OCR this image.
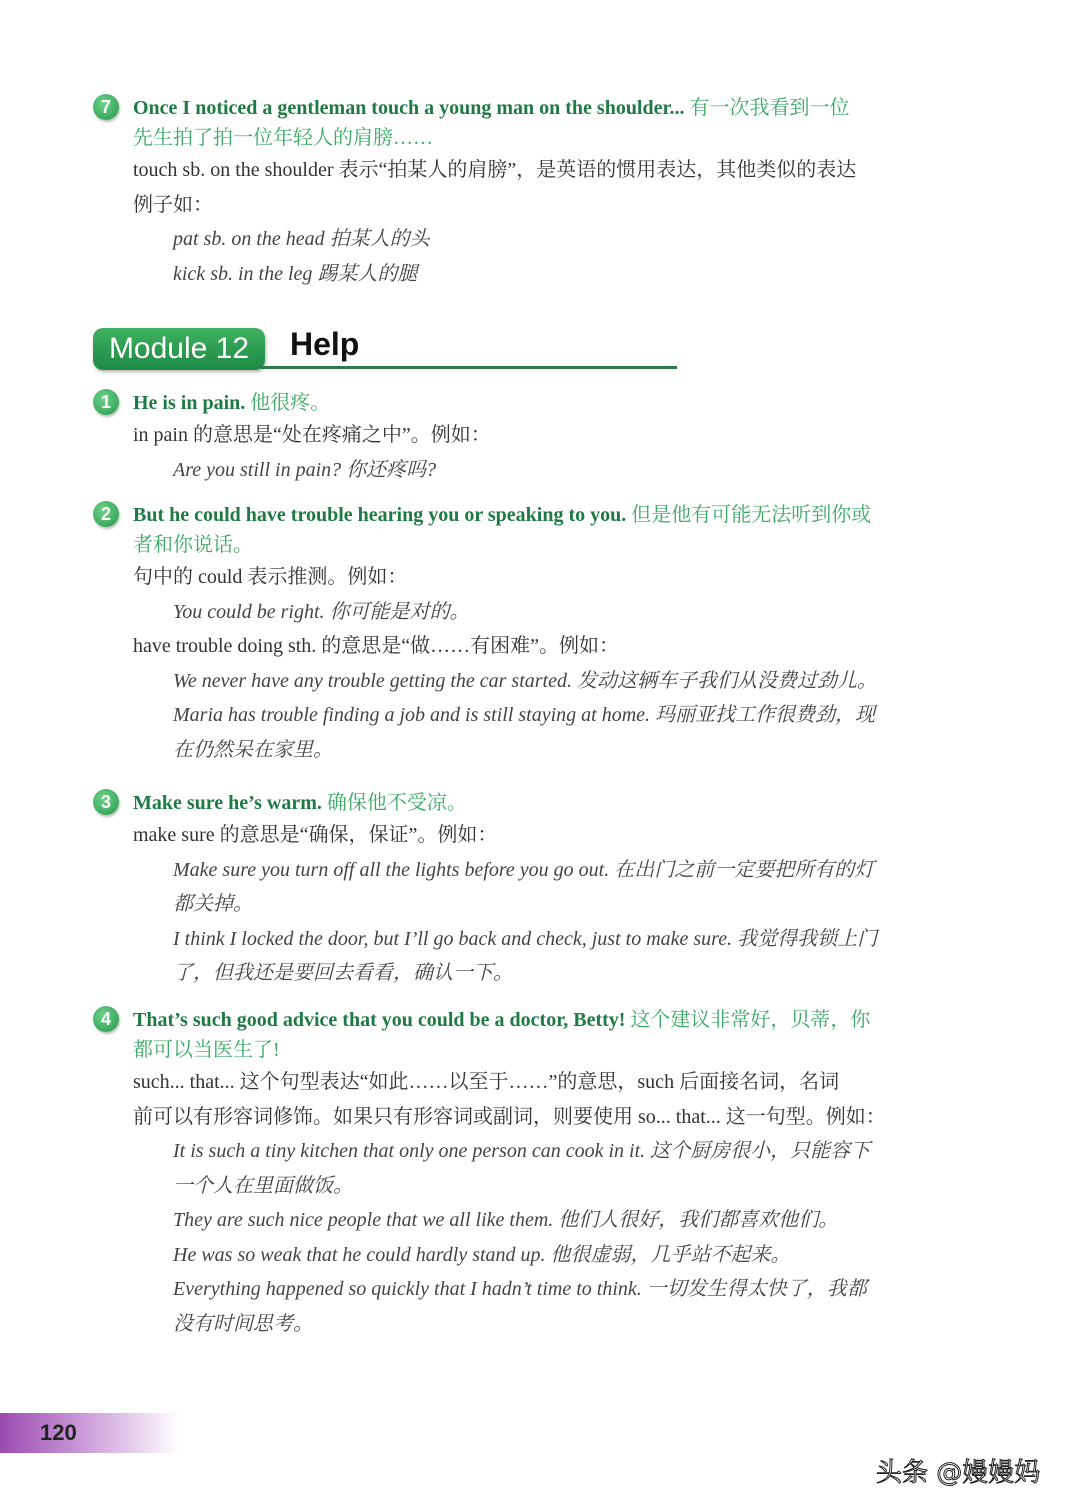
7	Once I noticed a gentleman touch a young man on the shoulder... 有一次我看到一位
先生拍了拍一位年轻人的肩膀……
touch sb. on the shoulder 表示“拍某人的肩膀”，是英语的惯用表达，其他类似的表达
例子如：
pat sb. on the head 拍某人的头
kick sb. in the leg 踢某人的腿
Module 12	Help
1	He is in pain. 他很疼。
in pain 的意思是“处在疼痛之中”。例如：
Are you still in pain? 你还疼吗?
2	But he could have trouble hearing you or speaking to you. 但是他有可能无法听到你或
者和你说话。
句中的 could 表示推测。例如：
You could be right. 你可能是对的。
have trouble doing sth. 的意思是“做……有困难”。例如：
We never have any trouble getting the car started. 发动这辆车子我们从没费过劲儿。
Maria has trouble finding a job and is still staying at home. 玛丽亚找工作很费劲，现
在仍然呆在家里。
3	Make sure he’s warm. 确保他不受凉。
make sure 的意思是“确保，保证”。例如：
Make sure you turn off all the lights before you go out. 在出门之前一定要把所有的灯
都关掉。
I think I locked the door, but I’ll go back and check, just to make sure. 我觉得我锁上门
了，但我还是要回去看看，确认一下。
4	That’s such good advice that you could be a doctor, Betty! 这个建议非常好，贝蒂，你
都可以当医生了!
such... that... 这个句型表达“如此……以至于……”的意思，such 后面接名词，名词
前可以有形容词修饰。如果只有形容词或副词，则要使用 so... that... 这一句型。例如：
It is such a tiny kitchen that only one person can cook in it. 这个厨房很小，只能容下
一个人在里面做饭。
They are such nice people that we all like them. 他们人很好，我们都喜欢他们。
He was so weak that he could hardly stand up. 他很虚弱，几乎站不起来。
Everything happened so quickly that I hadn’t time to think. 一切发生得太快了，我都
没有时间思考。
120
头条 @嫚嫚妈
